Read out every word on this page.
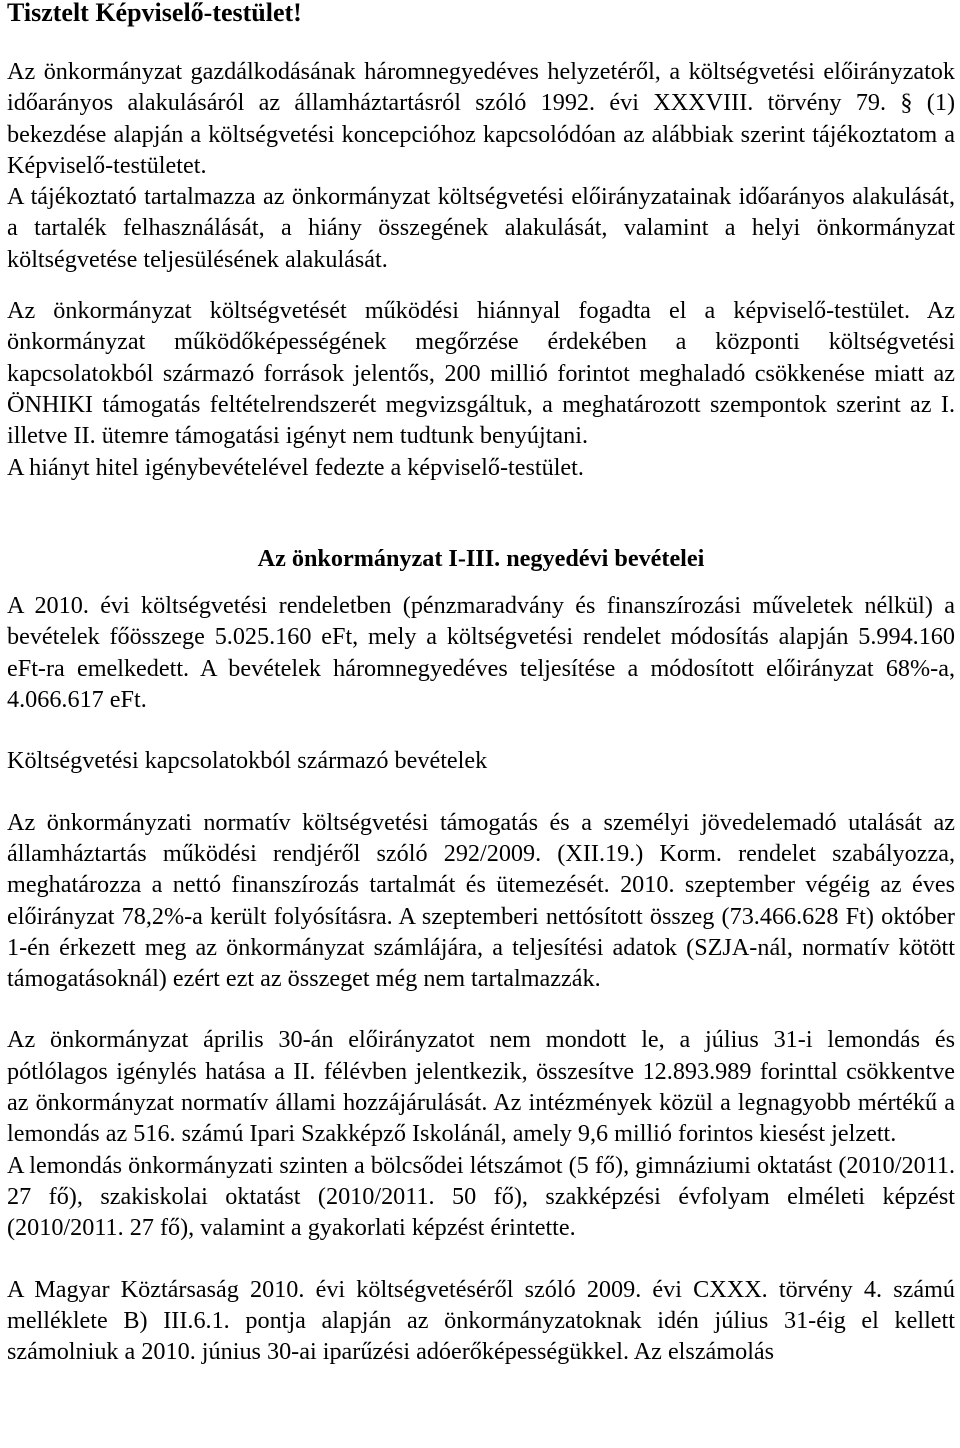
Tisztelt Képviselő-testület!

Az önkormányzat gazdálkodásának háromnegyedéves helyzetéről, a költségvetési előirányzatok időarányos alakulásáról az államháztartásról szóló 1992. évi XXXVIII. törvény 79. § (1) bekezdése alapján a költségvetési koncepcióhoz kapcsolódóan az alábbiak szerint tájékoztatom a Képviselő-testületet.

A tájékoztató tartalmazza az önkormányzat költségvetési előirányzatainak időarányos alakulását, a tartalék felhasználását, a hiány összegének alakulását, valamint a helyi önkormányzat költségvetése teljesülésének alakulását.

Az önkormányzat költségvetését működési hiánnyal fogadta el a képviselő-testület. Az önkormányzat működőképességének megőrzése érdekében a központi költségvetési kapcsolatokból származó források jelentős, 200 millió forintot meghaladó csökkenése miatt az ÖNHIKI támogatás feltételrendszerét megvizsgáltuk, a meghatározott szempontok szerint az I. illetve II. ütemre támogatási igényt nem tudtunk benyújtani.

A hiányt hitel igénybevételével fedezte a képviselő-testület.

Az önkormányzat I-III. negyedévi bevételei

A 2010. évi költségvetési rendeletben (pénzmaradvány és finanszírozási műveletek nélkül) a bevételek főösszege 5.025.160 eFt, mely a költségvetési rendelet módosítás alapján 5.994.160 eFt-ra emelkedett. A bevételek háromnegyedéves teljesítése a módosított előirányzat 68%-a, 4.066.617 eFt.

Költségvetési kapcsolatokból származó bevételek

Az önkormányzati normatív költségvetési támogatás és a személyi jövedelemadó utalását az államháztartás működési rendjéről szóló 292/2009. (XII.19.) Korm. rendelet szabályozza, meghatározza a nettó finanszírozás tartalmát és ütemezését. 2010. szeptember végéig az éves előirányzat 78,2%-a került folyósításra. A szeptemberi nettósított összeg (73.466.628 Ft) október 1-én érkezett meg az önkormányzat számlájára, a teljesítési adatok (SZJA-nál, normatív kötött támogatásoknál) ezért ezt az összeget még nem tartalmazzák.

Az önkormányzat április 30-án előirányzatot nem mondott le, a július 31-i lemondás és pótlólagos igénylés hatása a II. félévben jelentkezik, összesítve 12.893.989 forinttal csökkentve az önkormányzat normatív állami hozzájárulását. Az intézmények közül a legnagyobb mértékű a lemondás az 516. számú Ipari Szakképző Iskolánál, amely 9,6 millió forintos kiesést jelzett.

A lemondás önkormányzati szinten a bölcsődei létszámot (5 fő), gimnáziumi oktatást (2010/2011. 27 fő), szakiskolai oktatást (2010/2011. 50 fő), szakképzési évfolyam elméleti képzést (2010/2011. 27 fő), valamint a gyakorlati képzést érintette.

A Magyar Köztársaság 2010. évi költségvetéséről szóló 2009. évi CXXX. törvény 4. számú melléklete B) III.6.1. pontja alapján az önkormányzatoknak idén július 31-éig el kellett számolniuk a 2010. június 30-ai iparűzési adóerőképességükkel. Az elszámolás
